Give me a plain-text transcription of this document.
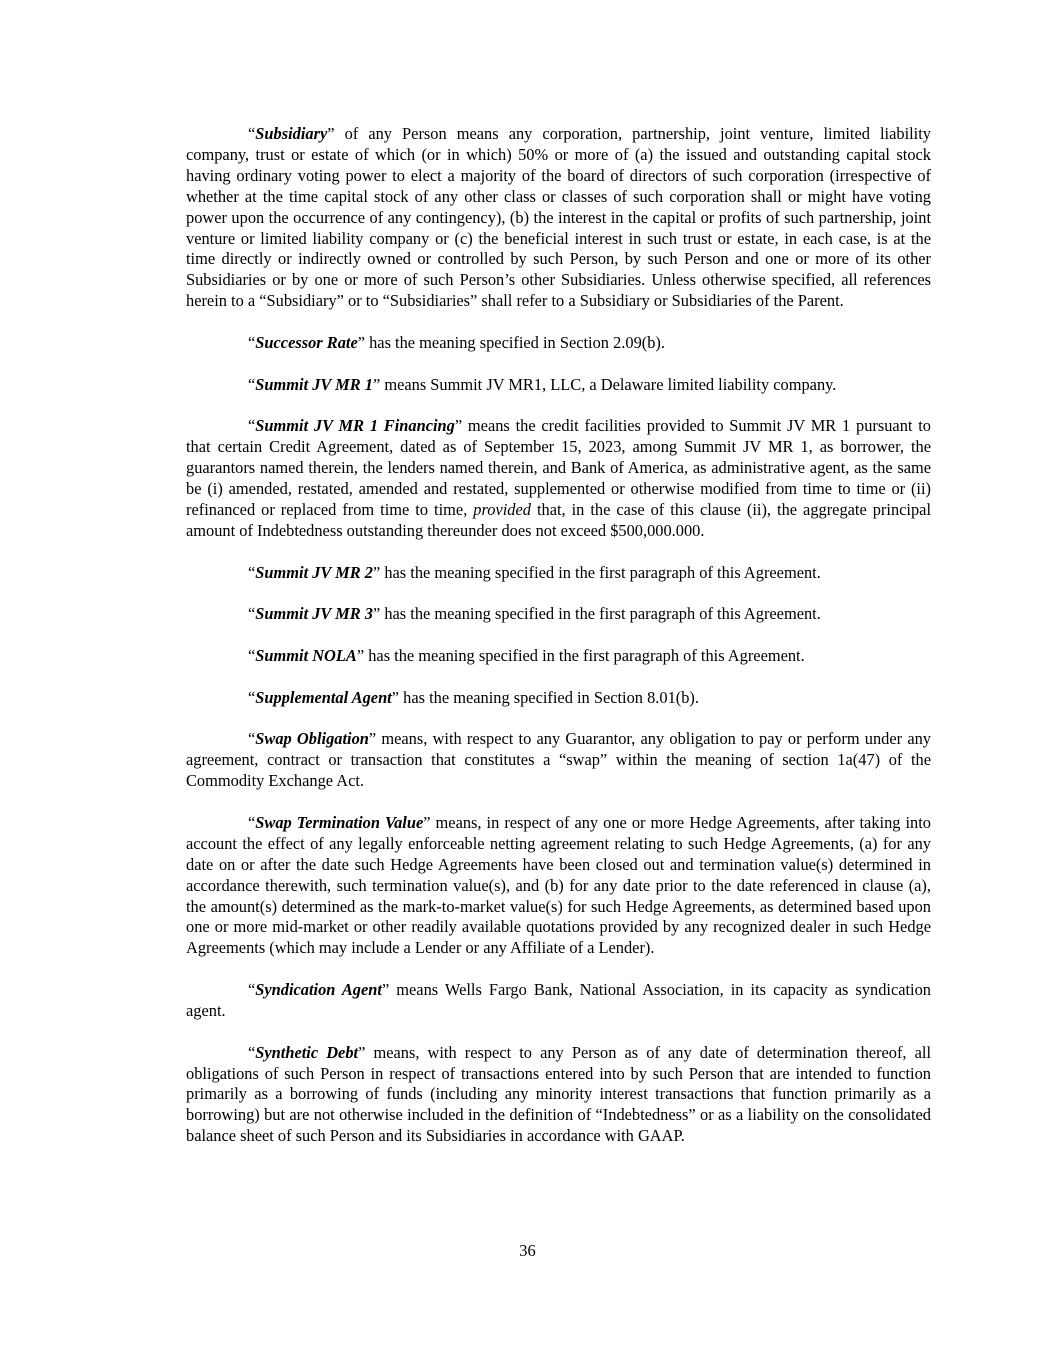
“Subsidiary” of any Person means any corporation, partnership, joint venture, limited liability company, trust or estate of which (or in which) 50% or more of (a) the issued and outstanding capital stock having ordinary voting power to elect a majority of the board of directors of such corporation (irrespective of whether at the time capital stock of any other class or classes of such corporation shall or might have voting power upon the occurrence of any contingency), (b) the interest in the capital or profits of such partnership, joint venture or limited liability company or (c) the beneficial interest in such trust or estate, in each case, is at the time directly or indirectly owned or controlled by such Person, by such Person and one or more of its other Subsidiaries or by one or more of such Person’s other Subsidiaries. Unless otherwise specified, all references herein to a “Subsidiary” or to “Subsidiaries” shall refer to a Subsidiary or Subsidiaries of the Parent.

“Successor Rate” has the meaning specified in Section 2.09(b).

“Summit JV MR 1” means Summit JV MR1, LLC, a Delaware limited liability company.

“Summit JV MR 1 Financing” means the credit facilities provided to Summit JV MR 1 pursuant to that certain Credit Agreement, dated as of September 15, 2023, among Summit JV MR 1, as borrower, the guarantors named therein, the lenders named therein, and Bank of America, as administrative agent, as the same be (i) amended, restated, amended and restated, supplemented or otherwise modified from time to time or (ii) refinanced or replaced from time to time, provided that, in the case of this clause (ii), the aggregate principal amount of Indebtedness outstanding thereunder does not exceed $500,000.000.

“Summit JV MR 2” has the meaning specified in the first paragraph of this Agreement.

“Summit JV MR 3” has the meaning specified in the first paragraph of this Agreement.

“Summit NOLA” has the meaning specified in the first paragraph of this Agreement.

“Supplemental Agent” has the meaning specified in Section 8.01(b).

“Swap Obligation” means, with respect to any Guarantor, any obligation to pay or perform under any agreement, contract or transaction that constitutes a “swap” within the meaning of section 1a(47) of the Commodity Exchange Act.

“Swap Termination Value” means, in respect of any one or more Hedge Agreements, after taking into account the effect of any legally enforceable netting agreement relating to such Hedge Agreements, (a) for any date on or after the date such Hedge Agreements have been closed out and termination value(s) determined in accordance therewith, such termination value(s), and (b) for any date prior to the date referenced in clause (a), the amount(s) determined as the mark-to-market value(s) for such Hedge Agreements, as determined based upon one or more mid-market or other readily available quotations provided by any recognized dealer in such Hedge Agreements (which may include a Lender or any Affiliate of a Lender).

“Syndication Agent” means Wells Fargo Bank, National Association, in its capacity as syndication agent.

“Synthetic Debt” means, with respect to any Person as of any date of determination thereof, all obligations of such Person in respect of transactions entered into by such Person that are intended to function primarily as a borrowing of funds (including any minority interest transactions that function primarily as a borrowing) but are not otherwise included in the definition of “Indebtedness” or as a liability on the consolidated balance sheet of such Person and its Subsidiaries in accordance with GAAP.

36
